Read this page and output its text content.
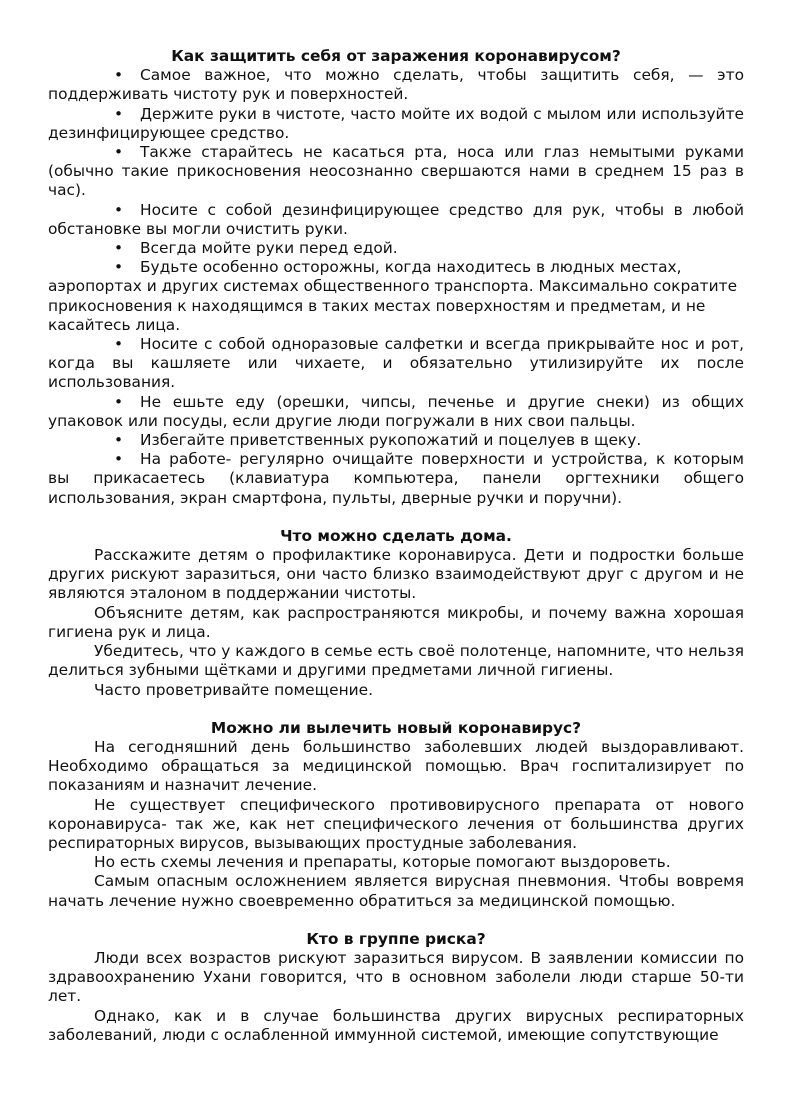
Как защитить себя от заражения коронавирусом?
• Самое важное, что можно сделать, чтобы защитить себя, — это поддерживать чистоту рук и поверхностей.
• Держите руки в чистоте, часто мойте их водой с мылом или используйте дезинфицирующее средство.
• Также старайтесь не касаться рта, носа или глаз немытыми руками (обычно такие прикосновения неосознанно свершаются нами в среднем 15 раз в час).
• Носите с собой дезинфицирующее средство для рук, чтобы в любой обстановке вы могли очистить руки.
• Всегда мойте руки перед едой.
• Будьте особенно осторожны, когда находитесь в людных местах, аэропортах и других системах общественного транспорта. Максимально сократите прикосновения к находящимся в таких местах поверхностям и предметам, и не касайтесь лица.
• Носите с собой одноразовые салфетки и всегда прикрывайте нос и рот, когда вы кашляете или чихаете, и обязательно утилизируйте их после использования.
• Не ешьте еду (орешки, чипсы, печенье и другие снеки) из общих упаковок или посуды, если другие люди погружали в них свои пальцы.
• Избегайте приветственных рукопожатий и поцелуев в щеку.
• На работе- регулярно очищайте поверхности и устройства, к которым вы прикасаетесь (клавиатура компьютера, панели оргтехники общего использования, экран смартфона, пульты, дверные ручки и поручни).
Что можно сделать дома.

Расскажите детям о профилактике коронавируса. Дети и подростки больше других рискуют заразиться, они часто близко взаимодействуют друг с другом и не являются эталоном в поддержании чистоты.

Объясните детям, как распространяются микробы, и почему важна хорошая гигиена рук и лица.

Убедитесь, что у каждого в семье есть своё полотенце, напомните, что нельзя делиться зубными щётками и другими предметами личной гигиены.

Часто проветривайте помещение.

Можно ли вылечить новый коронавирус?

На сегодняшний день большинство заболевших людей выздоравливают. Необходимо обращаться за медицинской помощью. Врач госпитализирует по показаниям и назначит лечение.

Не существует специфического противовирусного препарата от нового коронавируса- так же, как нет специфического лечения от большинства других респираторных вирусов, вызывающих простудные заболевания.

Но есть схемы лечения и препараты, которые помогают выздороветь.

Самым опасным осложнением является вирусная пневмония. Чтобы вовремя начать лечение нужно своевременно обратиться за медицинской помощью.

Кто в группе риска?

Люди всех возрастов рискуют заразиться вирусом. В заявлении комиссии по здравоохранению Ухани говорится, что в основном заболели люди старше 50-ти лет.

Однако, как и в случае большинства других вирусных респираторных заболеваний, люди с ослабленной иммунной системой, имеющие сопутствующие
